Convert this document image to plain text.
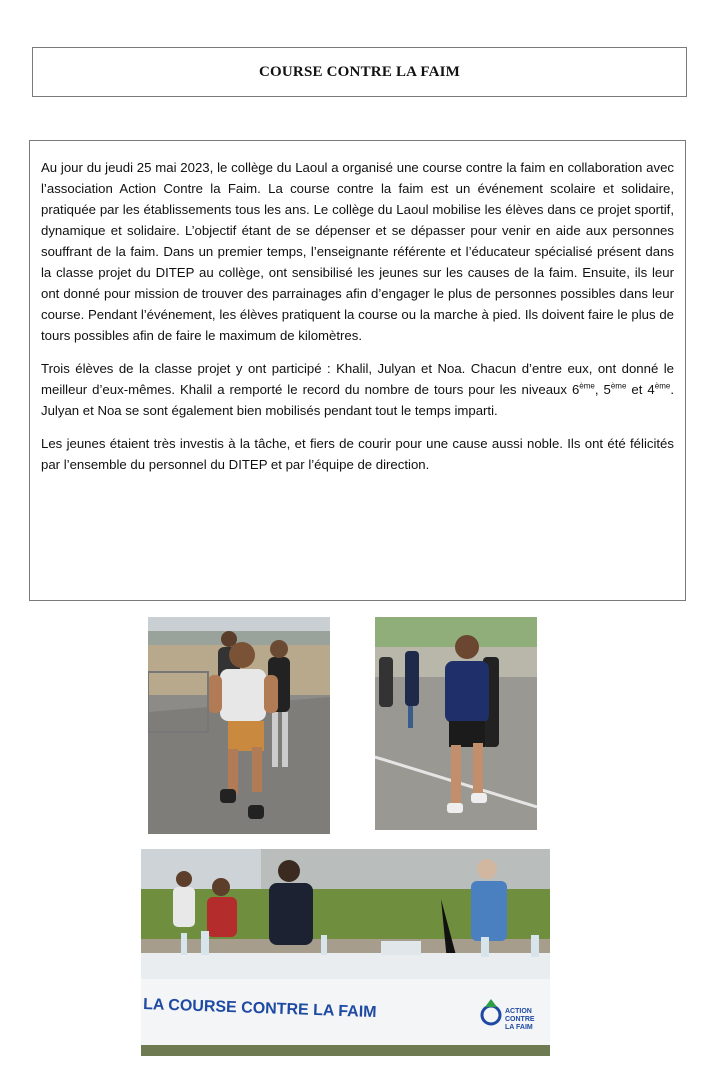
COURSE CONTRE LA FAIM

Au jour du jeudi 25 mai 2023, le collège du Laoul a organisé une course contre la faim en collaboration avec l’association Action Contre la Faim. La course contre la faim est un événement scolaire et solidaire, pratiquée par les établissements tous les ans. Le collège du Laoul mobilise les élèves dans ce projet sportif, dynamique et solidaire. L’objectif étant de se dépenser et se dépasser pour venir en aide aux personnes souffrant de la faim. Dans un premier temps, l’enseignante référente et l’éducateur spécialisé présent dans la classe projet du DITEP au collège, ont sensibilisé les jeunes sur les causes de la faim. Ensuite, ils leur ont donné pour mission de trouver des parrainages afin d’engager le plus de personnes possibles dans leur course. Pendant l’événement, les élèves pratiquent la course ou la marche à pied. Ils doivent faire le plus de tours possibles afin de faire le maximum de kilomètres.

Trois élèves de la classe projet y ont participé : Khalil, Julyan et Noa. Chacun d’entre eux, ont donné le meilleur d’eux-mêmes. Khalil a remporté le record du nombre de tours pour les niveaux 6ème, 5ème et 4ème. Julyan et Noa se sont également bien mobilisés pendant tout le temps imparti.

Les jeunes étaient très investis à la tâche, et fiers de courir pour une cause aussi noble. Ils ont été félicités par l’ensemble du personnel du DITEP et par l’équipe de direction.

LA COURSE CONTRE LA FAIM	ACTION
CONTRE
LA FAIM
